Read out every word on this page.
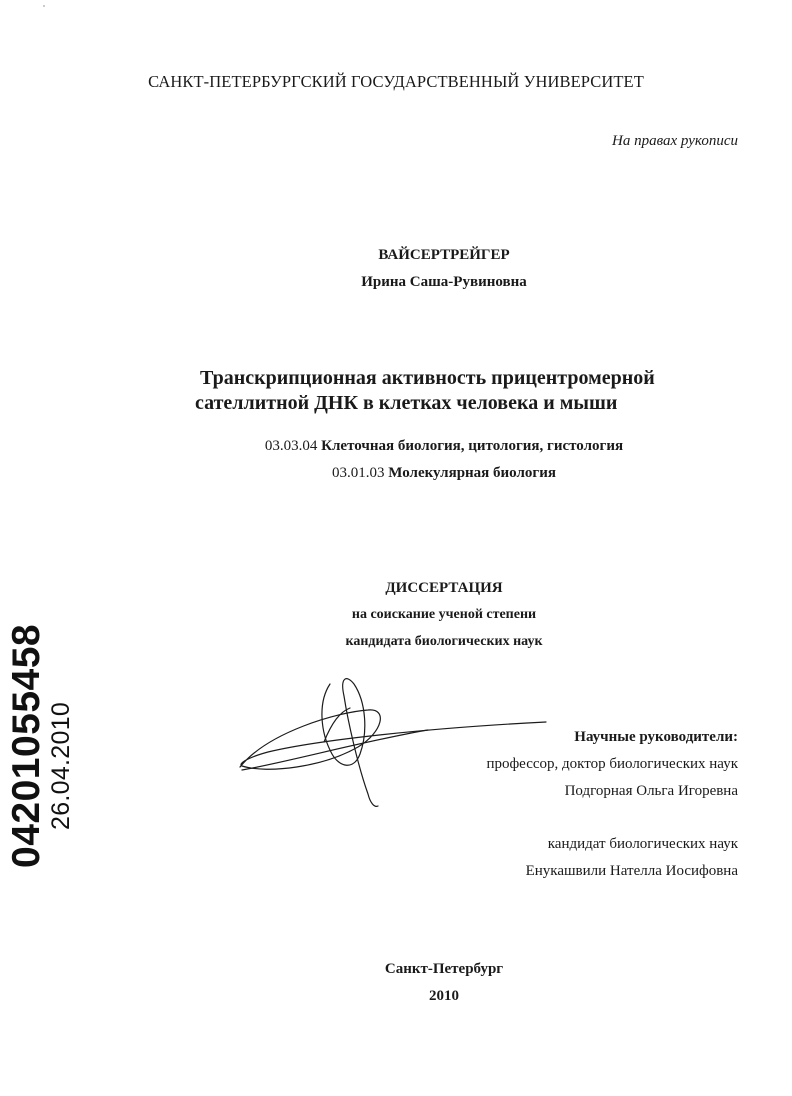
САНКТ-ПЕТЕРБУРГСКИЙ ГОСУДАРСТВЕННЫЙ УНИВЕРСИТЕТ
На правах рукописи
ВАЙСЕРТРЕЙГЕР
Ирина Саша-Рувиновна
Транскрипционная активность прицентромерной
сателлитной ДНК в клетках человека и мыши
03.03.04 Клеточная биология, цитология, гистология
03.01.03 Молекулярная биология
ДИССЕРТАЦИЯ
на соискание ученой степени
кандидата биологических наук
Научные руководители:
профессор, доктор биологических наук
Подгорная Ольга Игоревна
кандидат биологических наук
Енукашвили Нателла Иосифовна
Санкт-Петербург
2010
04201055458 26.04.2010
